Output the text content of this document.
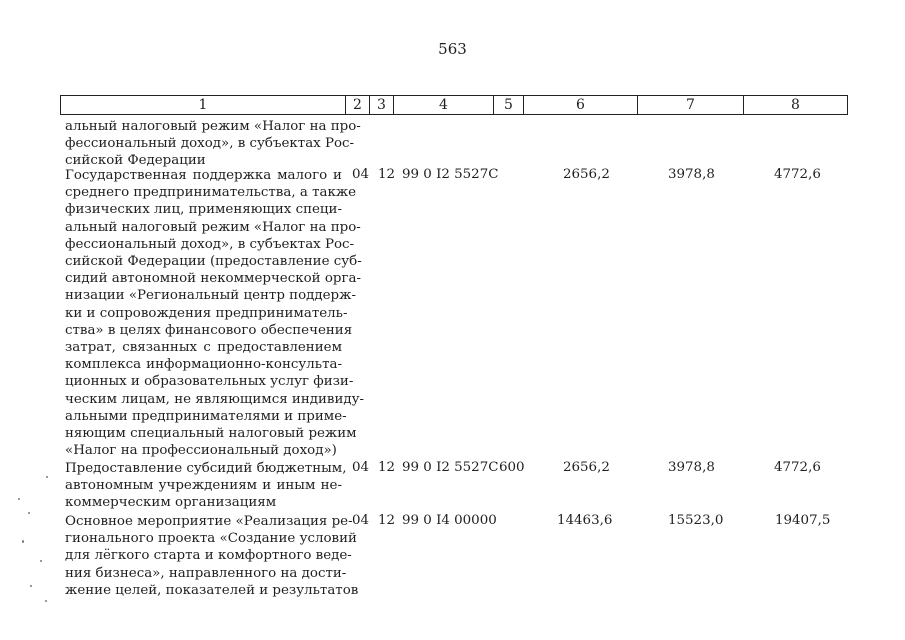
563
1	2	3	4	5	6	7	8
альный налоговый режим «Налог на про-
фессиональный доход», в субъектах Рос-
сийской Федерации
Государственная поддержка малого и
среднего предпринимательства, а также
физических лиц, применяющих специ-
альный налоговый режим «Налог на про-
фессиональный доход», в субъектах Рос-
сийской Федерации (предоставление суб-
сидий автономной некоммерческой орга-
низации «Региональный центр поддерж-
ки и сопровождения предприниматель-
ства» в целях финансового обеспечения
затрат, связанных с предоставлением
комплекса информационно-консульта-
ционных и образовательных услуг физи-
ческим лицам, не являющимся индивиду-
альными предпринимателями и приме-
няющим специальный налоговый режим
«Налог на профессиональный доход»)
04 12 99 0 I2 5527C	2656,2	3978,8	4772,6
Предоставление субсидий бюджетным,
автономным учреждениям и иным не-
коммерческим организациям
04 12 99 0 I2 5527C 600	2656,2	3978,8	4772,6
Основное мероприятие «Реализация ре-
гионального проекта «Создание условий
для лёгкого старта и комфортного веде-
ния бизнеса», направленного на дости-
жение целей, показателей и результатов
04 12 99 0 I4 00000	14463,6	15523,0	19407,5
